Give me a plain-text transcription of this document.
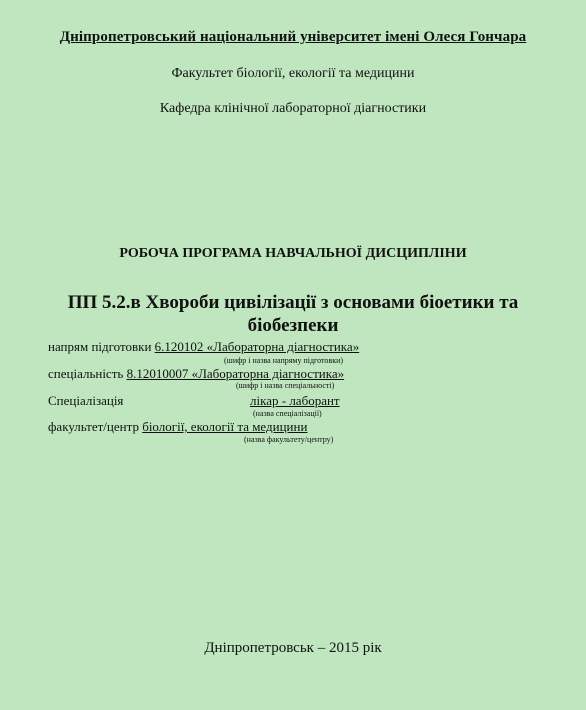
Дніпропетровський національний університет імені Олеся Гончара
Факультет біології, екології та медицини
Кафедра клінічної лабораторної діагностики
РОБОЧА ПРОГРАМА НАВЧАЛЬНОЇ ДИСЦИПЛІНИ
ПП 5.2.в Хвороби цивілізації з основами біоетики та біобезпеки
напрям підготовки 6.120102 «Лабораторна діагностика»
(шифр і назва напряму підготовки)
спеціальність 8.12010007 «Лабораторна діагностика»
(шифр і назва спеціальності)
Спеціалізація	лікар - лаборант
(назва спеціалізації)
факультет/центр біології, екології та медицини
(назва факультету/центру)
Дніпропетровськ – 2015 рік
